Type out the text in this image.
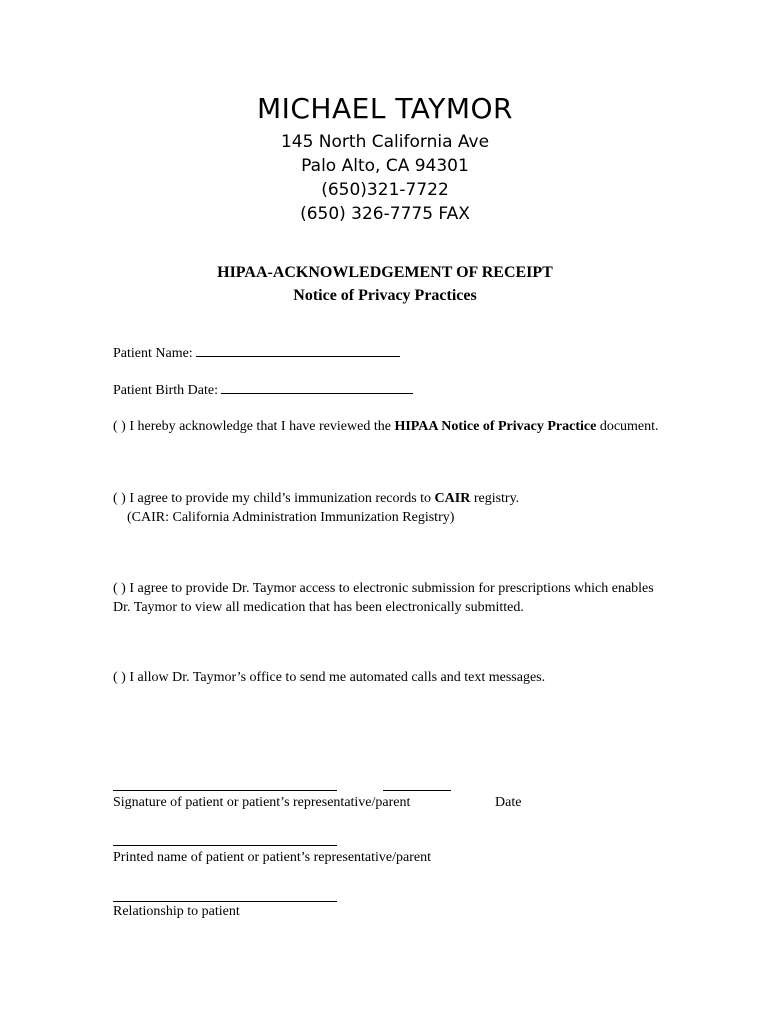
MICHAEL TAYMOR
145 North California Ave
Palo Alto, CA 94301
(650)321-7722
(650) 326-7775 FAX
HIPAA-ACKNOWLEDGEMENT OF RECEIPT
Notice of Privacy Practices
Patient Name:
Patient Birth Date:
( ) I hereby acknowledge that I have reviewed the HIPAA Notice of Privacy Practice document.
( ) I agree to provide my child’s immunization records to CAIR registry.
(CAIR: California Administration Immunization Registry)
( ) I agree to provide Dr. Taymor access to electronic submission for prescriptions which enables Dr. Taymor to view all medication that has been electronically submitted.
( ) I allow Dr. Taymor’s office to send me automated calls and text messages.
Signature of patient or patient’s representative/parent	Date
Printed name of patient or patient’s representative/parent
Relationship to patient
